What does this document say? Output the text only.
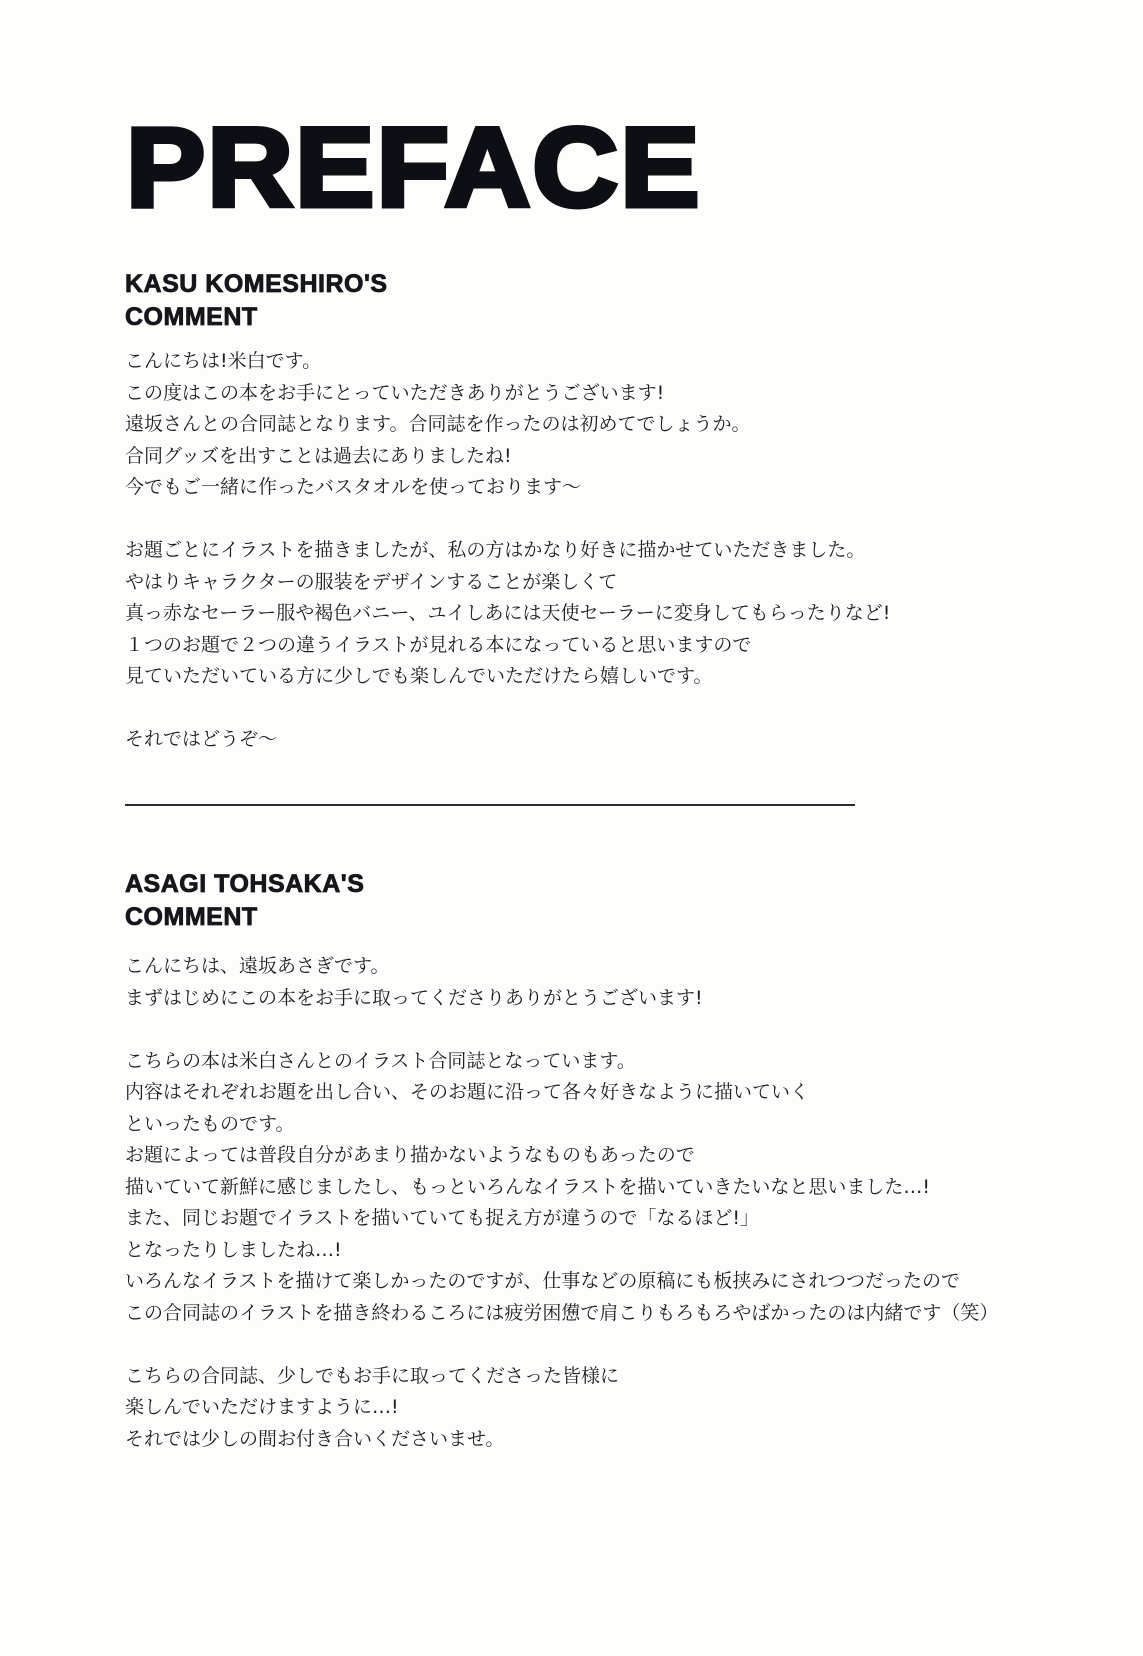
PREFACE
KASU KOMESHIRO'S
COMMENT
こんにちは!米白です。
この度はこの本をお手にとっていただきありがとうございます!
遠坂さんとの合同誌となります。合同誌を作ったのは初めてでしょうか。
合同グッズを出すことは過去にありましたね!
今でもご一緒に作ったバスタオルを使っております～
お題ごとにイラストを描きましたが、私の方はかなり好きに描かせていただきました。
やはりキャラクターの服装をデザインすることが楽しくて
真っ赤なセーラー服や褐色バニー、ユイしあには天使セーラーに変身してもらったりなど!
１つのお題で２つの違うイラストが見れる本になっていると思いますので
見ていただいている方に少しでも楽しんでいただけたら嬉しいです。
それではどうぞ～
ASAGI TOHSAKA'S
COMMENT
こんにちは、遠坂あさぎです。
まずはじめにこの本をお手に取ってくださりありがとうございます!
こちらの本は米白さんとのイラスト合同誌となっています。
内容はそれぞれお題を出し合い、そのお題に沿って各々好きなように描いていく
といったものです。
お題によっては普段自分があまり描かないようなものもあったので
描いていて新鮮に感じましたし、もっといろんなイラストを描いていきたいなと思いました…!
また、同じお題でイラストを描いていても捉え方が違うので「なるほど!」
となったりしましたね…!
いろんなイラストを描けて楽しかったのですが、仕事などの原稿にも板挟みにされつつだったので
この合同誌のイラストを描き終わるころには疲労困憊で肩こりもろもろやばかったのは内緒です（笑）
こちらの合同誌、少しでもお手に取ってくださった皆様に
楽しんでいただけますように…!
それでは少しの間お付き合いくださいませ。
